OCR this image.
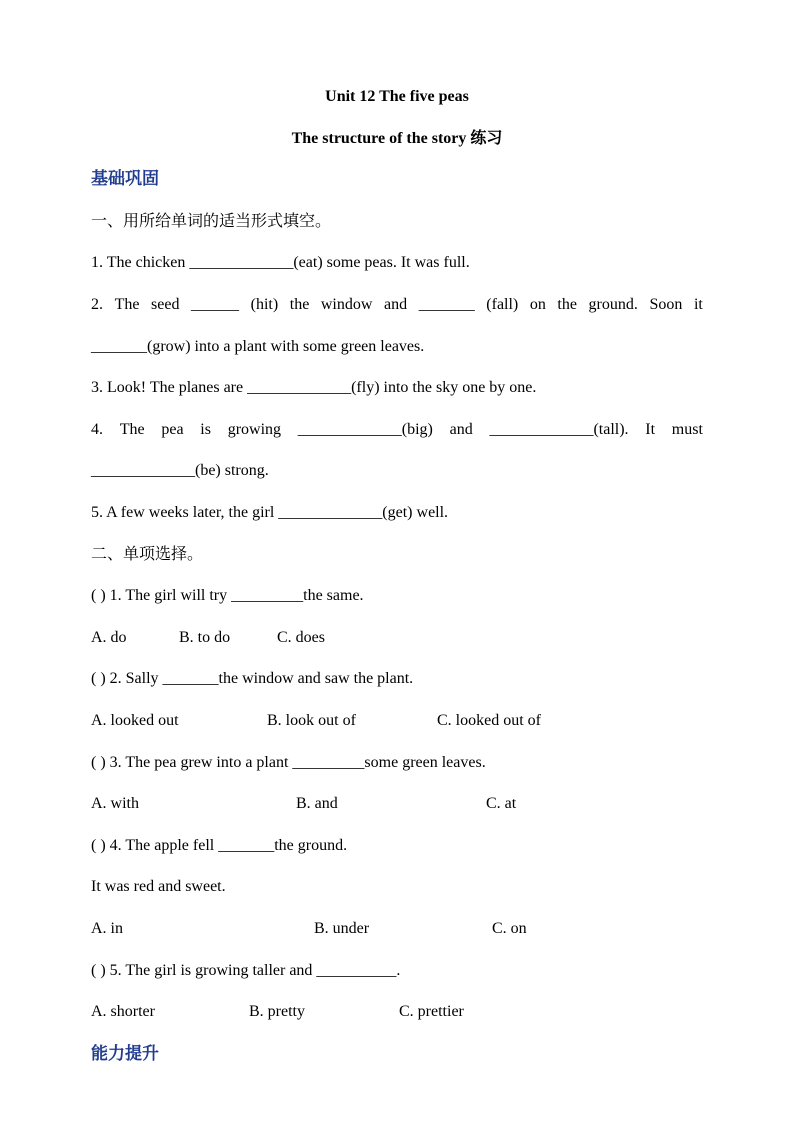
Unit 12 The five peas
The structure of the story 练习
基础巩固
一、用所给单词的适当形式填空。
1. The chicken _____________(eat) some peas. It was full.
2. The seed ______ (hit) the window and _______ (fall) on the ground. Soon it
_______(grow) into a plant with some green leaves.
3. Look! The planes are _____________(fly) into the sky one by one.
4. The pea is growing _____________(big) and _____________(tall). It must
_____________(be) strong.
5. A few weeks later, the girl _____________(get) well.
二、单项选择。
( ) 1. The girl will try _________the same.
A. do	B. to do	C. does
( ) 2. Sally _______the window and saw the plant.
A. looked out	B. look out of	C. looked out of
( ) 3. The pea grew into a plant _________some green leaves.
A. with	B. and	C. at
( ) 4. The apple fell _______the ground.
It was red and sweet.
A. in	B. under	C. on
( ) 5. The girl is growing taller and __________.
A. shorter	B. pretty	C. prettier
能力提升
